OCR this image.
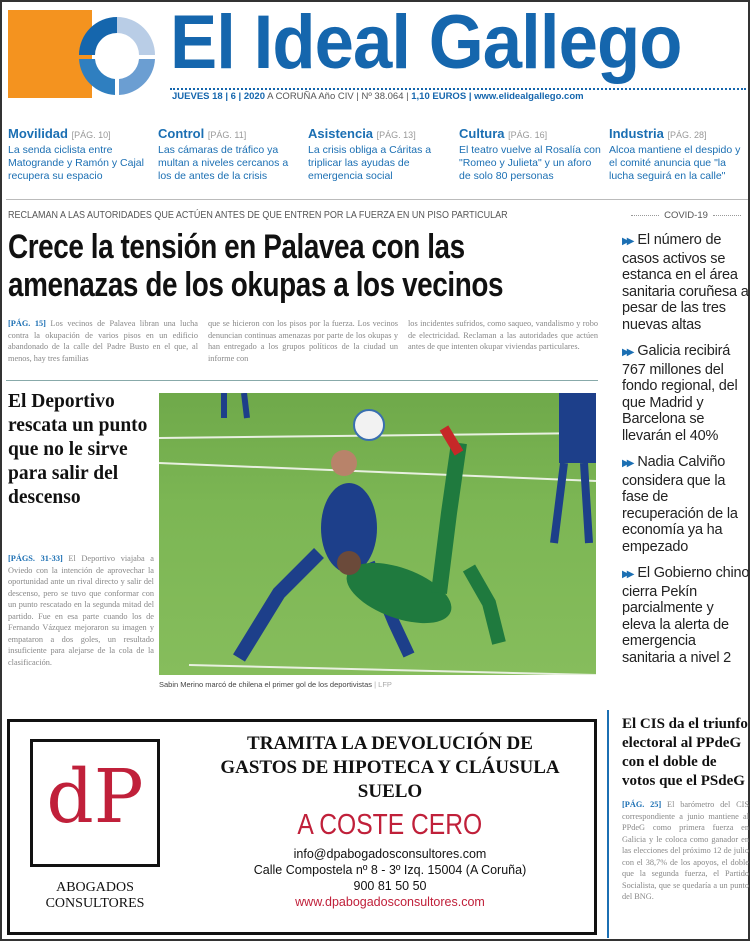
El Ideal Gallego
JUEVES 18 | 6 | 2020 A CORUÑA Año CIV | Nº 38.064 | 1,10 EUROS | www.elidealgallego.com
Movilidad [PÁG. 10]
La senda ciclista entre Matogrande y Ramón y Cajal recupera su espacio
Control [PÁG. 11]
Las cámaras de tráfico ya multan a niveles cercanos a los de antes de la crisis
Asistencia [PÁG. 13]
La crisis obliga a Cáritas a triplicar las ayudas de emergencia social
Cultura [PÁG. 16]
El teatro vuelve al Rosalía con "Romeo y Julieta" y un aforo de solo 80 personas
Industria [PÁG. 28]
Alcoa mantiene el despido y el comité anuncia que "la lucha seguirá en la calle"
RECLAMAN A LAS AUTORIDADES QUE ACTÚEN ANTES DE QUE ENTREN POR LA FUERZA EN UN PISO PARTICULAR
Crece la tensión en Palavea con las amenazas de los okupas a los vecinos
[PÁG. 15] Los vecinos de Palavea libran una lucha contra la okupación de varios pisos en un edificio abandonado de la calle del Padre Busto en el que, al menos, hay tres familias
que se hicieron con los pisos por la fuerza. Los vecinos denuncian continuas amenazas por parte de los okupas y han entregado a los grupos políticos de la ciudad un informe con
los incidentes sufridos, como saqueo, vandalismo y robo de electricidad. Reclaman a las autoridades que actúen antes de que intenten okupar viviendas particulares.
COVID-19
▶▶ El número de casos activos se estanca en el área sanitaria coruñesa a pesar de las tres nuevas altas
▶▶ Galicia recibirá 767 millones del fondo regional, del que Madrid y Barcelona se llevarán el 40%
▶▶ Nadia Calviño considera que la fase de recuperación de la economía ya ha empezado
▶▶ El Gobierno chino cierra Pekín parcialmente y eleva la alerta de emergencia sanitaria a nivel 2
El Deportivo rescata un punto que no le sirve para salir del descenso
[PÁGS. 31-33] El Deportivo viajaba a Oviedo con la intención de aprovechar la oportunidad ante un rival directo y salir del descenso, pero se tuvo que conformar con un punto rescatado en la segunda mitad del partido. Fue en esa parte cuando los de Fernando Vázquez mejoraron su imagen y empataron a dos goles, un resultado insuficiente para alejarse de la cola de la clasificación.
Sabin Merino marcó de chilena el primer gol de los deportivistas | LFP
dP
ABOGADOS CONSULTORES
TRAMITA LA DEVOLUCIÓN DE GASTOS DE HIPOTECA Y CLÁUSULA SUELO
A COSTE CERO
info@dpabogadosconsultores.com
Calle Compostela nº 8 - 3º Izq. 15004 (A Coruña)
900 81 50 50
www.dpabogadosconsultores.com
El CIS da el triunfo electoral al PPdeG con el doble de votos que el PSdeG
[PÁG. 25] El barómetro del CIS correspondiente a junio mantiene al PPdeG como primera fuerza en Galicia y le coloca como ganador en las elecciones del próximo 12 de julio con el 38,7% de los apoyos, el doble que la segunda fuerza, el Partido Socialista, que se quedaría a un punto del BNG.
